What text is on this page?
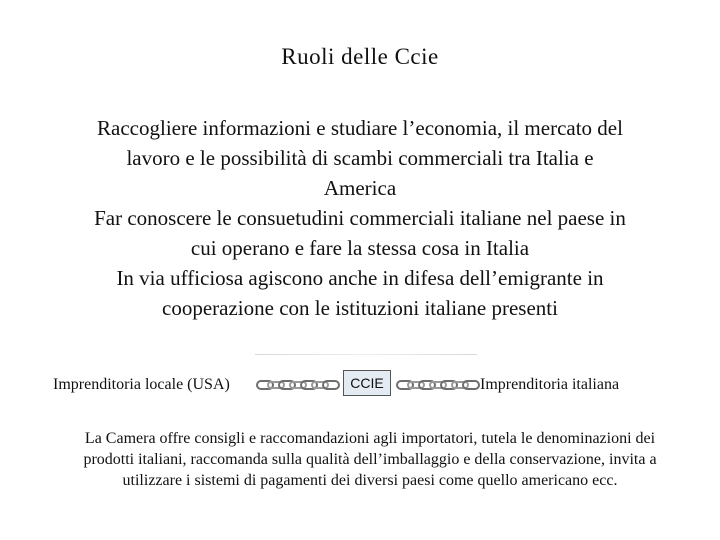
Ruoli delle Ccie
Raccogliere informazioni e studiare l’economia, il mercato del
lavoro e le possibilità di scambi commerciali tra Italia e
America
Far conoscere le consuetudini commerciali italiane nel paese in
cui operano e fare la stessa cosa in Italia
In via ufficiosa agiscono anche in difesa dell’emigrante in
cooperazione con le istituzioni italiane presenti
Imprenditoria locale (USA)	CCIE	Imprenditoria italiana
La Camera offre consigli e raccomandazioni agli importatori, tutela le denominazioni dei
prodotti italiani, raccomanda sulla qualità dell’imballaggio e della conservazione, invita a
utilizzare i sistemi di pagamenti dei diversi paesi come quello americano ecc.
